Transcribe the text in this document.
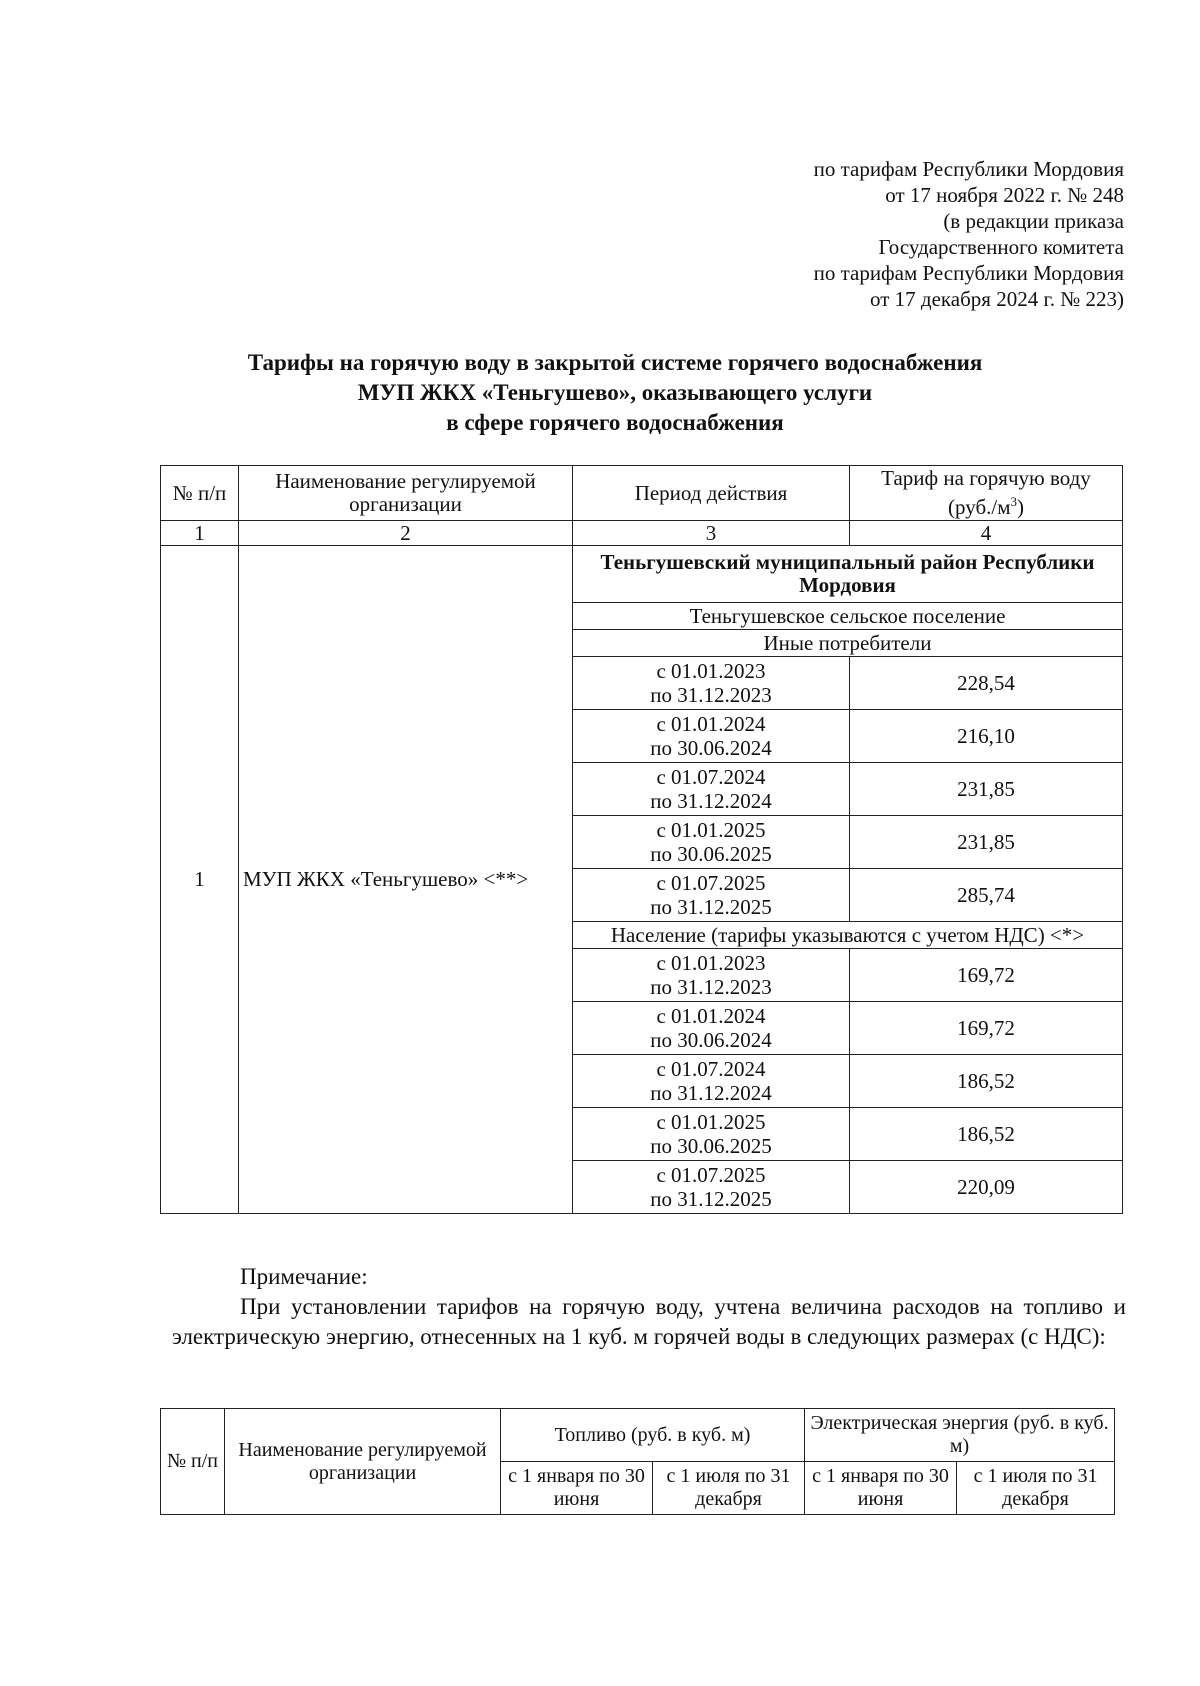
по тарифам Республики Мордовия
от 17 ноября 2022 г. № 248
(в редакции приказа
Государственного комитета
по тарифам Республики Мордовия
от 17 декабря 2024 г. № 223)
Тарифы на горячую воду в закрытой системе горячего водоснабжения
МУП ЖКХ «Теньгушево», оказывающего услуги
в сфере горячего водоснабжения
№ п/п	Наименование регулируемой организации	Период действия	Тариф на горячую воду $(руб./м^3)$
1	2	3	4
1	МУП ЖКХ «Теньгушево» <**>	Теньгушевский муниципальный район Республики Мордовия	
		Теньгушевское сельское поселение	
		Иные потребители	

		с 01.01.2023
по 31.12.2023	228,54

		с 01.01.2024
по 30.06.2024	216,10

		с 01.07.2024
по 31.12.2024	231,85

		с 01.01.2025
по 30.06.2025	231,85

		с 01.07.2025
по 31.12.2025	285,74
		Население (тарифы указываются с учетом НДС) <*>	

		с 01.01.2023
по 31.12.2023	169,72

		с 01.01.2024
по 30.06.2024	169,72

		с 01.07.2024
по 31.12.2024	186,52

		с 01.01.2025
по 30.06.2025	186,52

		с 01.07.2025
по 31.12.2025	220,09
Примечание:
При установлении тарифов на горячую воду, учтена величина расходов на топливо и электрическую энергию, отнесенных на 1 куб. м горячей воды в следующих размерах (с НДС):
№ п/п	Наименование регулируемой организации	Топливо (руб. в куб. м)		Электрическая энергия (руб. в куб. м)	
		с 1 января по 30 июня	с 1 июля по 31 декабря	с 1 января по 30 июня	с 1 июля по 31 декабря
